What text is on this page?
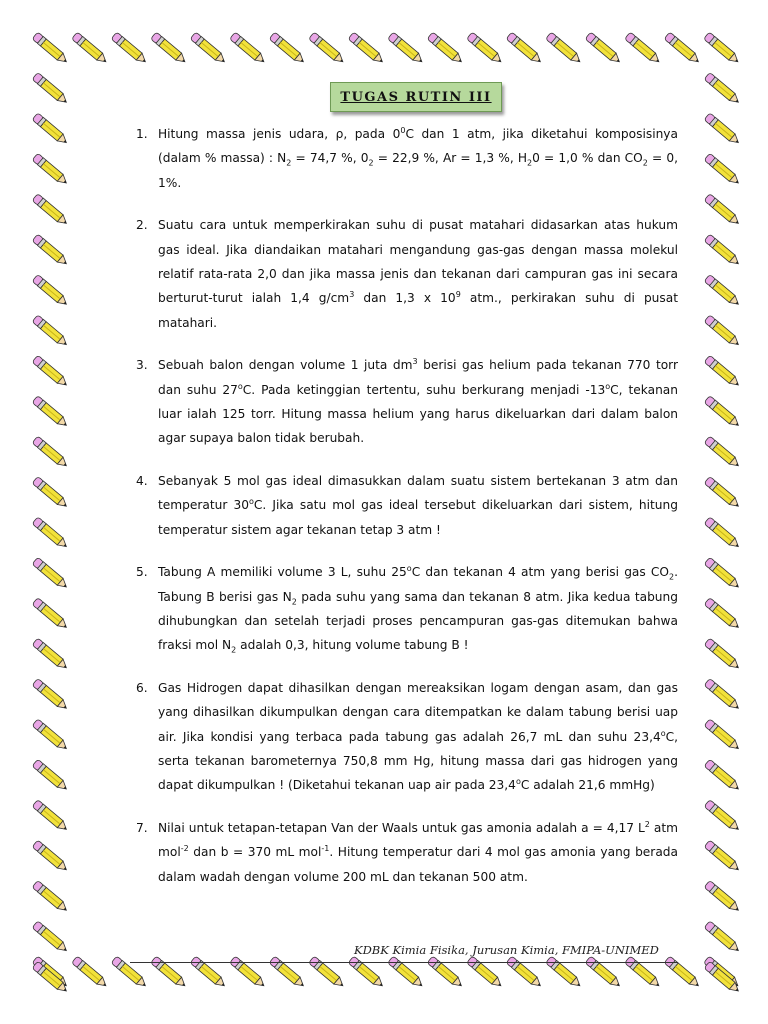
TUGAS RUTIN III
1. Hitung massa jenis udara, ρ, pada $0^0C$ dan 1 atm, jika diketahui komposisinya (dalam % massa) : $N_2 = 74,7$ %, $0_2 = 22,9$ %, Ar = 1,3 %, $H_20 = 1,0$ % dan $CO_2 = 0$, 1%.
2. Suatu cara untuk memperkirakan suhu di pusat matahari didasarkan atas hukum gas ideal. Jika diandaikan matahari mengandung gas-gas dengan massa molekul relatif rata-rata 2,0 dan jika massa jenis dan tekanan dari campuran gas ini secara berturut-turut ialah 1,4 $g/cm^3$ dan 1,3 x $10^9$ atm., perkirakan suhu di pusat matahari.
3. Sebuah balon dengan volume 1 juta $dm^3$ berisi gas helium pada tekanan 770 torr dan suhu 27$^o$C. Pada ketinggian tertentu, suhu berkurang menjadi -13$^o$C, tekanan luar ialah 125 torr. Hitung massa helium yang harus dikeluarkan dari dalam balon agar supaya balon tidak berubah.
4. Sebanyak 5 mol gas ideal dimasukkan dalam suatu sistem bertekanan 3 atm dan temperatur 30$^o$C. Jika satu mol gas ideal tersebut dikeluarkan dari sistem, hitung temperatur sistem agar tekanan tetap 3 atm !
5. Tabung A memiliki volume 3 L, suhu 25$^o$C dan tekanan 4 atm yang berisi gas $CO_2$. Tabung B berisi gas $N_2$ pada suhu yang sama dan tekanan 8 atm. Jika kedua tabung dihubungkan dan setelah terjadi proses pencampuran gas-gas ditemukan bahwa fraksi mol $N_2$ adalah 0,3, hitung volume tabung B !
6. Gas Hidrogen dapat dihasilkan dengan mereaksikan logam dengan asam, dan gas yang dihasilkan dikumpulkan dengan cara ditempatkan ke dalam tabung berisi uap air. Jika kondisi yang terbaca pada tabung gas adalah 26,7 mL dan suhu 23,4$^o$C, serta tekanan barometernya 750,8 mm Hg, hitung massa dari gas hidrogen yang dapat dikumpulkan ! (Diketahui tekanan uap air pada 23,4$^o$C adalah 21,6 mmHg)
7. Nilai untuk tetapan-tetapan Van der Waals untuk gas amonia adalah a = 4,17 $L^2$ atm mol$^{-2}$ dan b = 370 mL mol$^{-1}$. Hitung temperatur dari 4 mol gas amonia yang berada dalam wadah dengan volume 200 mL dan tekanan 500 atm.
KDBK Kimia Fisika, Jurusan Kimia, FMIPA-UNIMED
